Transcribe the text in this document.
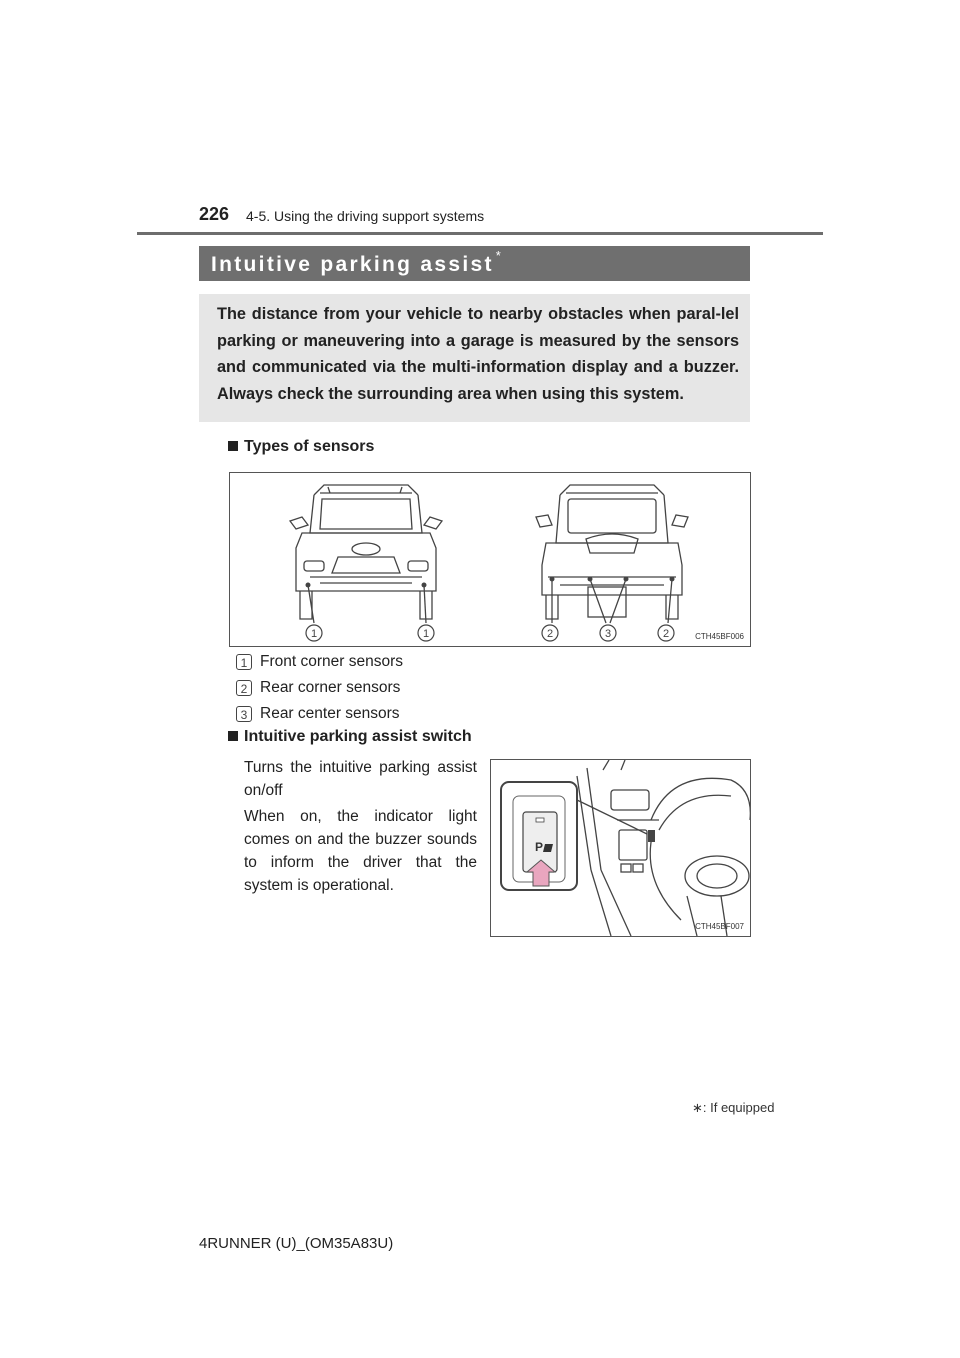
226 4-5. Using the driving support systems
Intuitive parking assist *

The distance from your vehicle to nearby obstacles when paral-lel parking or maneuvering into a garage is measured by the sensors and communicated via the multi-information display and a buzzer. Always check the surrounding area when using this system.

Types of sensors
1	1	2	3	2	CTH45BF006
1 Front corner sensors
2 Rear corner sensors
3 Rear center sensors
Intuitive parking assist switch
Turns the intuitive parking assist on/off
When on, the indicator light comes on and the buzzer sounds to inform the driver that the system is operational.
P
CTH45BF007
∗: If equipped
4RUNNER (U)_(OM35A83U)
